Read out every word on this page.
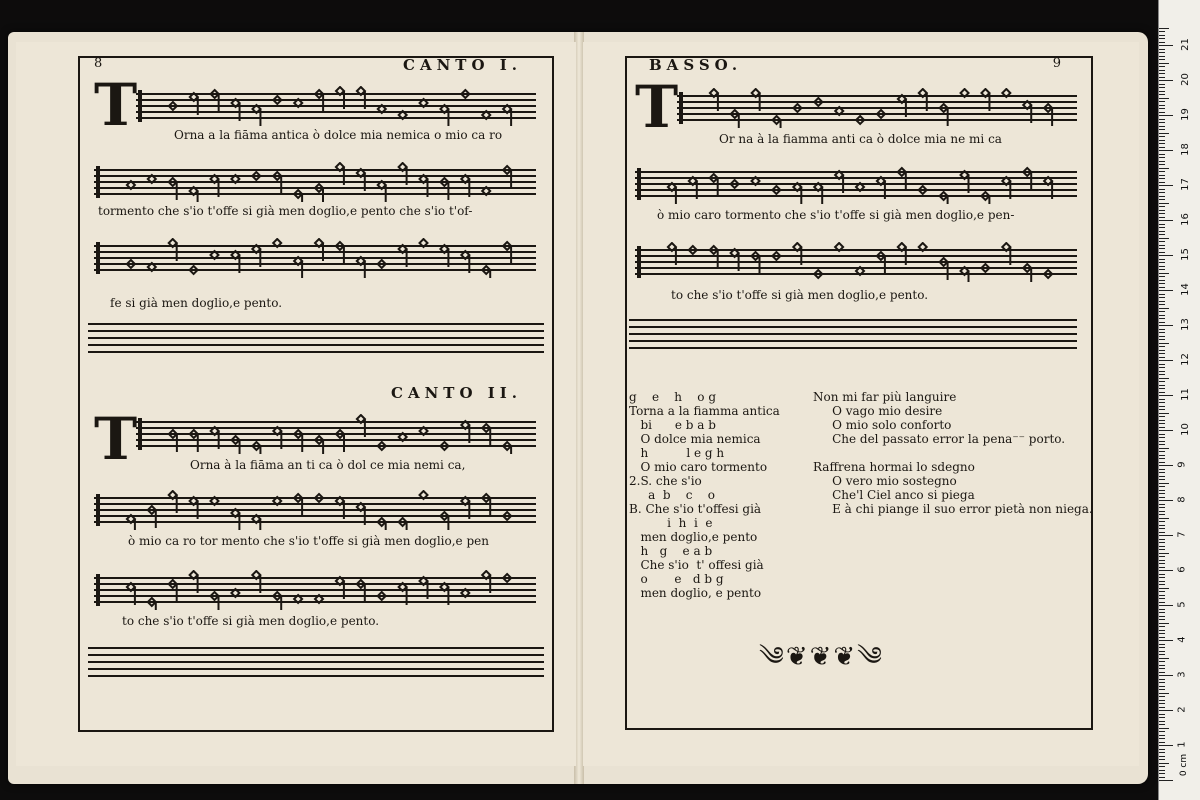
8	CANTO I.
T	Orna a la fiāma antica ò dolce mia nemica o mio ca ro
tormento che s'io t'offe si già men doglio,e pento che s'io t'of-
fe si già men doglio,e pento.
CANTO II.
T	Orna à la fiāma an ti ca ò dol ce mia nemi ca,
ò mio ca ro tor mento che s'io t'offe si già men doglio,e pen
to che s'io t'offe si già men doglio,e pento.
BASSO.	9
T	Or na à la fiamma anti ca ò dolce mia ne mi ca
ò mio caro tormento che s'io t'offe si già men doglio,e pen-
to che s'io t'offe si già men doglio,e pento.
g    e    h    o g
Torna a la fiamma antica
bi      e b a b
O dolce mia nemica
h          l e g h
O mio caro tormento
2.S. che s'io
a  b    c    o
B. Che s'io t'offesi già
i  h  i  e
men doglio,e pento
h   g    e a b
Che s'io  t' offesi già
o       e   d b g
men doglio, e pento
Non mi far più languire
O vago mio desire
O mio solo conforto
Che del passato error la pena⁻⁻ porto.

Raffrena hormai lo sdegno
O vero mio sostegno
Che'l Ciel anco si piega
E à chi piange il suo error pietà non niega.
༄❦❦❦༄
0 cm
1
2
3
4
5
6
7
8
9
10
11
12
13
14
15
16
17
18
19
20
21
